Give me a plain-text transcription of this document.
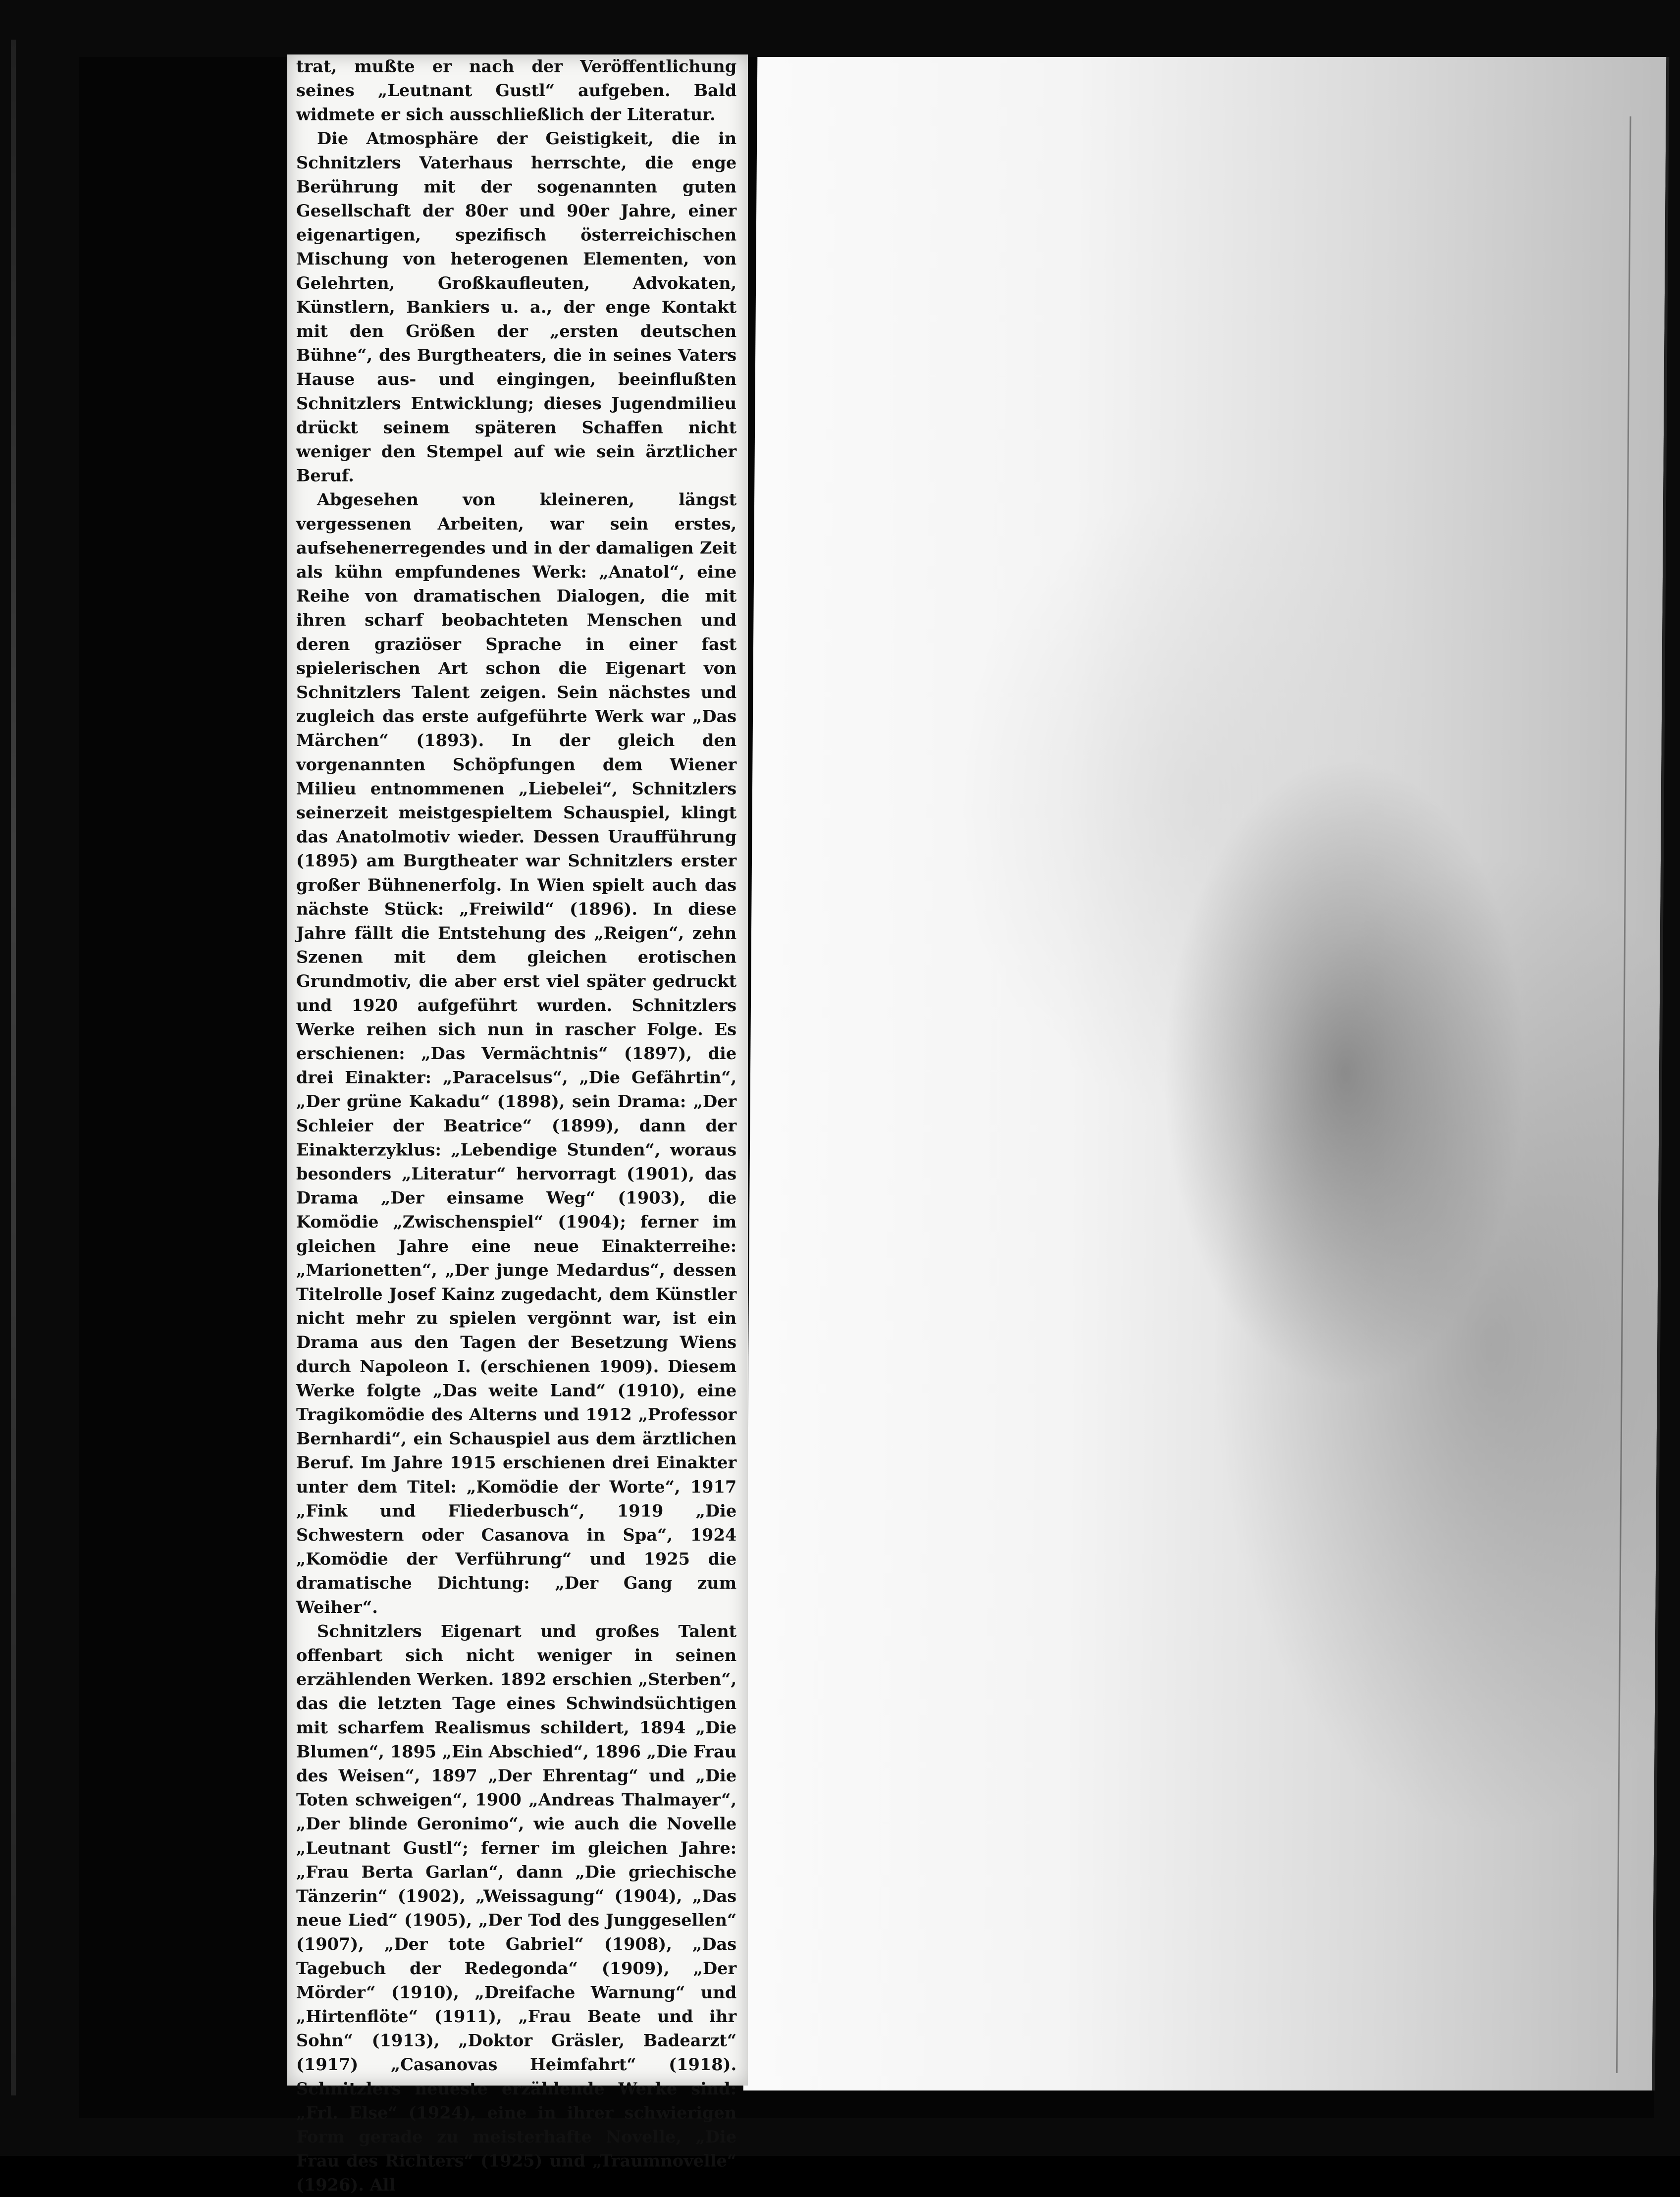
trat, mußte er nach der Veröffentlichung seines „Leutnant Gustl“ aufgeben. Bald widmete er sich ausschließlich der Literatur.

Die Atmosphäre der Geistigkeit, die in Schnitzlers Vaterhaus herrschte, die enge Berührung mit der sogenannten guten Gesellschaft der 80er und 90er Jahre, einer eigenartigen, spezifisch österreichischen Mischung von heterogenen Elementen, von Gelehrten, Großkaufleuten, Advokaten, Künstlern, Bankiers u. a., der enge Kontakt mit den Größen der „ersten deutschen Bühne“, des Burgtheaters, die in seines Vaters Hause aus- und eingingen, beeinflußten Schnitzlers Entwicklung; dieses Jugendmilieu drückt seinem späteren Schaffen nicht weniger den Stempel auf wie sein ärztlicher Beruf.

Abgesehen von kleineren, längst vergessenen Arbeiten, war sein erstes, aufsehenerregendes und in der damaligen Zeit als kühn empfundenes Werk: „Anatol“, eine Reihe von dramatischen Dialogen, die mit ihren scharf beobachteten Menschen und deren graziöser Sprache in einer fast spielerischen Art schon die Eigenart von Schnitzlers Talent zeigen. Sein nächstes und zugleich das erste aufgeführte Werk war „Das Märchen“ (1893). In der gleich den vorgenannten Schöpfungen dem Wiener Milieu entnommenen „Liebelei“, Schnitzlers seinerzeit meistgespieltem Schauspiel, klingt das Anatolmotiv wieder. Dessen Uraufführung (1895) am Burgtheater war Schnitzlers erster großer Bühnenerfolg. In Wien spielt auch das nächste Stück: „Freiwild“ (1896). In diese Jahre fällt die Entstehung des „Reigen“, zehn Szenen mit dem gleichen erotischen Grundmotiv, die aber erst viel später gedruckt und 1920 aufgeführt wurden. Schnitzlers Werke reihen sich nun in rascher Folge. Es erschienen: „Das Vermächtnis“ (1897), die drei Einakter: „Paracelsus“, „Die Gefährtin“, „Der grüne Kakadu“ (1898), sein Drama: „Der Schleier der Beatrice“ (1899), dann der Einakterzyklus: „Lebendige Stunden“, woraus besonders „Literatur“ hervorragt (1901), das Drama „Der einsame Weg“ (1903), die Komödie „Zwischenspiel“ (1904); ferner im gleichen Jahre eine neue Einakterreihe: „Marionetten“, „Der junge Medardus“, dessen Titelrolle Josef Kainz zugedacht, dem Künstler nicht mehr zu spielen vergönnt war, ist ein Drama aus den Tagen der Besetzung Wiens durch Napoleon I. (erschienen 1909). Diesem Werke folgte „Das weite Land“ (1910), eine Tragikomödie des Alterns und 1912 „Professor Bernhardi“, ein Schauspiel aus dem ärztlichen Beruf. Im Jahre 1915 erschienen drei Einakter unter dem Titel: „Komödie der Worte“, 1917 „Fink und Fliederbusch“, 1919 „Die Schwestern oder Casanova in Spa“, 1924 „Komödie der Verführung“ und 1925 die dramatische Dichtung: „Der Gang zum Weiher“.

Schnitzlers Eigenart und großes Talent offenbart sich nicht weniger in seinen erzählenden Werken. 1892 erschien „Sterben“, das die letzten Tage eines Schwindsüchtigen mit scharfem Realismus schildert, 1894 „Die Blumen“, 1895 „Ein Abschied“, 1896 „Die Frau des Weisen“, 1897 „Der Ehrentag“ und „Die Toten schweigen“, 1900 „Andreas Thalmayer“, „Der blinde Geronimo“, wie auch die Novelle „Leutnant Gustl“; ferner im gleichen Jahre: „Frau Berta Garlan“, dann „Die griechische Tänzerin“ (1902), „Weissagung“ (1904), „Das neue Lied“ (1905), „Der Tod des Junggesellen“ (1907), „Der tote Gabriel“ (1908), „Das Tagebuch der Redegonda“ (1909), „Der Mörder“ (1910), „Dreifache Warnung“ und „Hirtenflöte“ (1911), „Frau Beate und ihr Sohn“ (1913), „Doktor Gräsler, Badearzt“ (1917) „Casanovas Heimfahrt“ (1918). Schnitzlers neueste erzählende Werke sind: „Frl. Else“ (1924), eine in ihrer schwierigen Form gerade zu meisterhafte Novelle, „Die Frau des Richters“ (1925) und „Traumnovelle“ (1926). All
